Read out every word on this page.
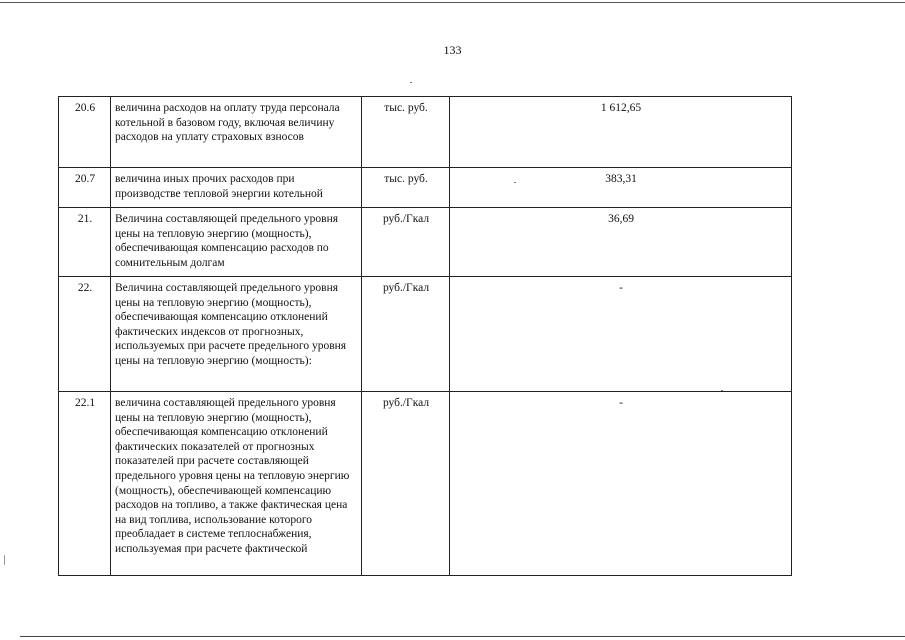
133
20.6	величина расходов на оплату труда персонала котельной в базовом году, включая величину расходов на уплату страховых взносов	тыс. руб.	1 612,65
20.7	величина иных прочих расходов при производстве тепловой энергии котельной	тыс. руб.	383,31
21.	Величина составляющей предельного уровня цены на тепловую энергию (мощность), обеспечивающая компенсацию расходов по сомнительным долгам	руб./Гкал	36,69
22.	Величина составляющей предельного уровня цены на тепловую энергию (мощность), обеспечивающая компенсацию отклонений фактических индексов от прогнозных, используемых при расчете предельного уровня цены на тепловую энергию (мощность):	руб./Гкал	-
22.1	величина составляющей предельного уровня цены на тепловую энергию (мощность), обеспечивающая компенсацию отклонений фактических показателей от прогнозных показателей при расчете составляющей предельного уровня цены на тепловую энергию (мощность), обеспечивающей компенсацию расходов на топливо, а также фактическая цена на вид топлива, использование которого преобладает в системе теплоснабжения, используемая при расчете фактической	руб./Гкал	-
